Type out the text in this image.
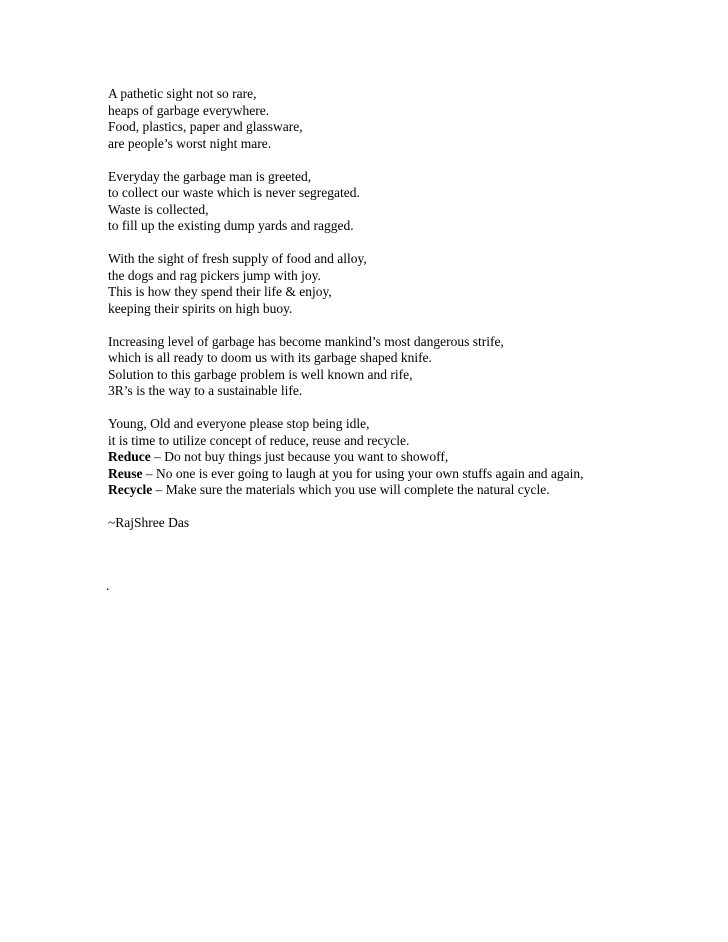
A pathetic sight not so rare,
heaps of garbage everywhere.
Food, plastics, paper and glassware,
are people’s worst night mare.
Everyday the garbage man is greeted,
to collect our waste which is never segregated.
Waste is collected,
to fill up the existing dump yards and ragged.
With the sight of fresh supply of food and alloy,
the dogs and rag pickers jump with joy.
This is how they spend their life & enjoy,
keeping their spirits on high buoy.
Increasing level of garbage has become mankind’s most dangerous strife,
which is all ready to doom us with its garbage shaped knife.
Solution to this garbage problem is well known and rife,
3R’s is the way to a sustainable life.
Young, Old and everyone please stop being idle,
it is time to utilize concept of reduce, reuse and recycle.
Reduce – Do not buy things just because you want to showoff,
Reuse – No one is ever going to laugh at you for using your own stuffs again and again,
Recycle – Make sure the materials which you use will complete the natural cycle.
~RajShree Das
.
